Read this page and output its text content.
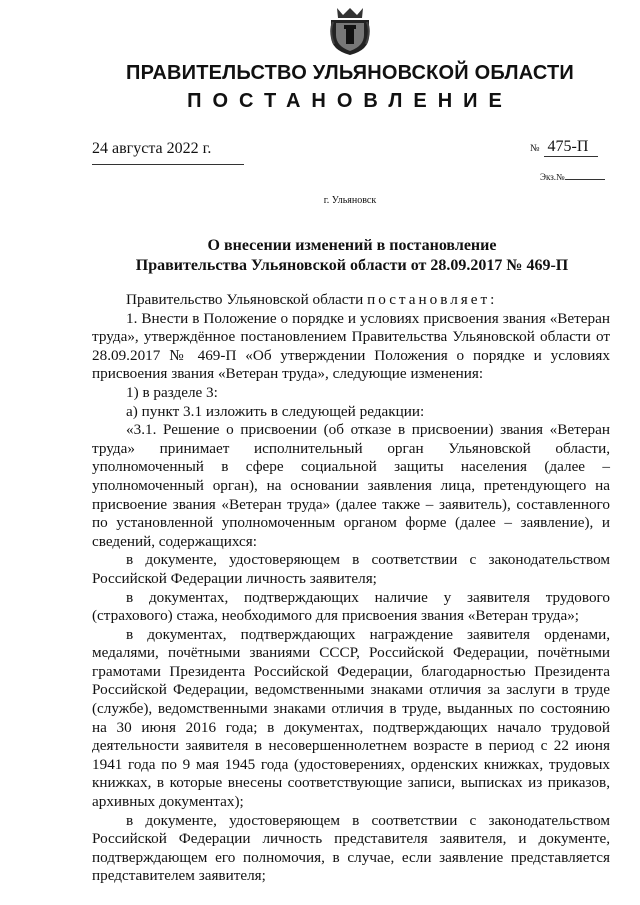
ПРАВИТЕЛЬСТВО УЛЬЯНОВСКОЙ ОБЛАСТИ
ПОСТАНОВЛЕНИЕ
24 августа 2022 г.	№ 475-П
Экз.№
г. Ульяновск
О внесении изменений в постановление
Правительства Ульяновской области от 28.09.2017 № 469-П

Правительство Ульяновской области постановляет:

1. Внести в Положение о порядке и условиях присвоения звания «Ветеран труда», утверждённое постановлением Правительства Ульяновской области от 28.09.2017 № 469-П «Об утверждении Положения о порядке и условиях присвоения звания «Ветеран труда», следующие изменения:

1) в разделе 3:

а) пункт 3.1 изложить в следующей редакции:

«3.1. Решение о присвоении (об отказе в присвоении) звания «Ветеран труда» принимает исполнительный орган Ульяновской области, уполномоченный в сфере социальной защиты населения (далее – уполномоченный орган), на основании заявления лица, претендующего на присвоение звания «Ветеран труда» (далее также – заявитель), составленного по установленной уполномоченным органом форме (далее – заявление), и сведений, содержащихся:

в документе, удостоверяющем в соответствии с законодательством Российской Федерации личность заявителя;

в документах, подтверждающих наличие у заявителя трудового (страхового) стажа, необходимого для присвоения звания «Ветеран труда»;

в документах, подтверждающих награждение заявителя орденами, медалями, почётными званиями СССР, Российской Федерации, почётными грамотами Президента Российской Федерации, благодарностью Президента Российской Федерации, ведомственными знаками отличия за заслуги в труде (службе), ведомственными знаками отличия в труде, выданных по состоянию на 30 июня 2016 года; в документах, подтверждающих начало трудовой деятельности заявителя в несовершеннолетнем возрасте в период с 22 июня 1941 года по 9 мая 1945 года (удостоверениях, орденских книжках, трудовых книжках, в которые внесены соответствующие записи, выписках из приказов, архивных документах);

в документе, удостоверяющем в соответствии с законодательством Российской Федерации личность представителя заявителя, и документе, подтверждающем его полномочия, в случае, если заявление представляется представителем заявителя;
